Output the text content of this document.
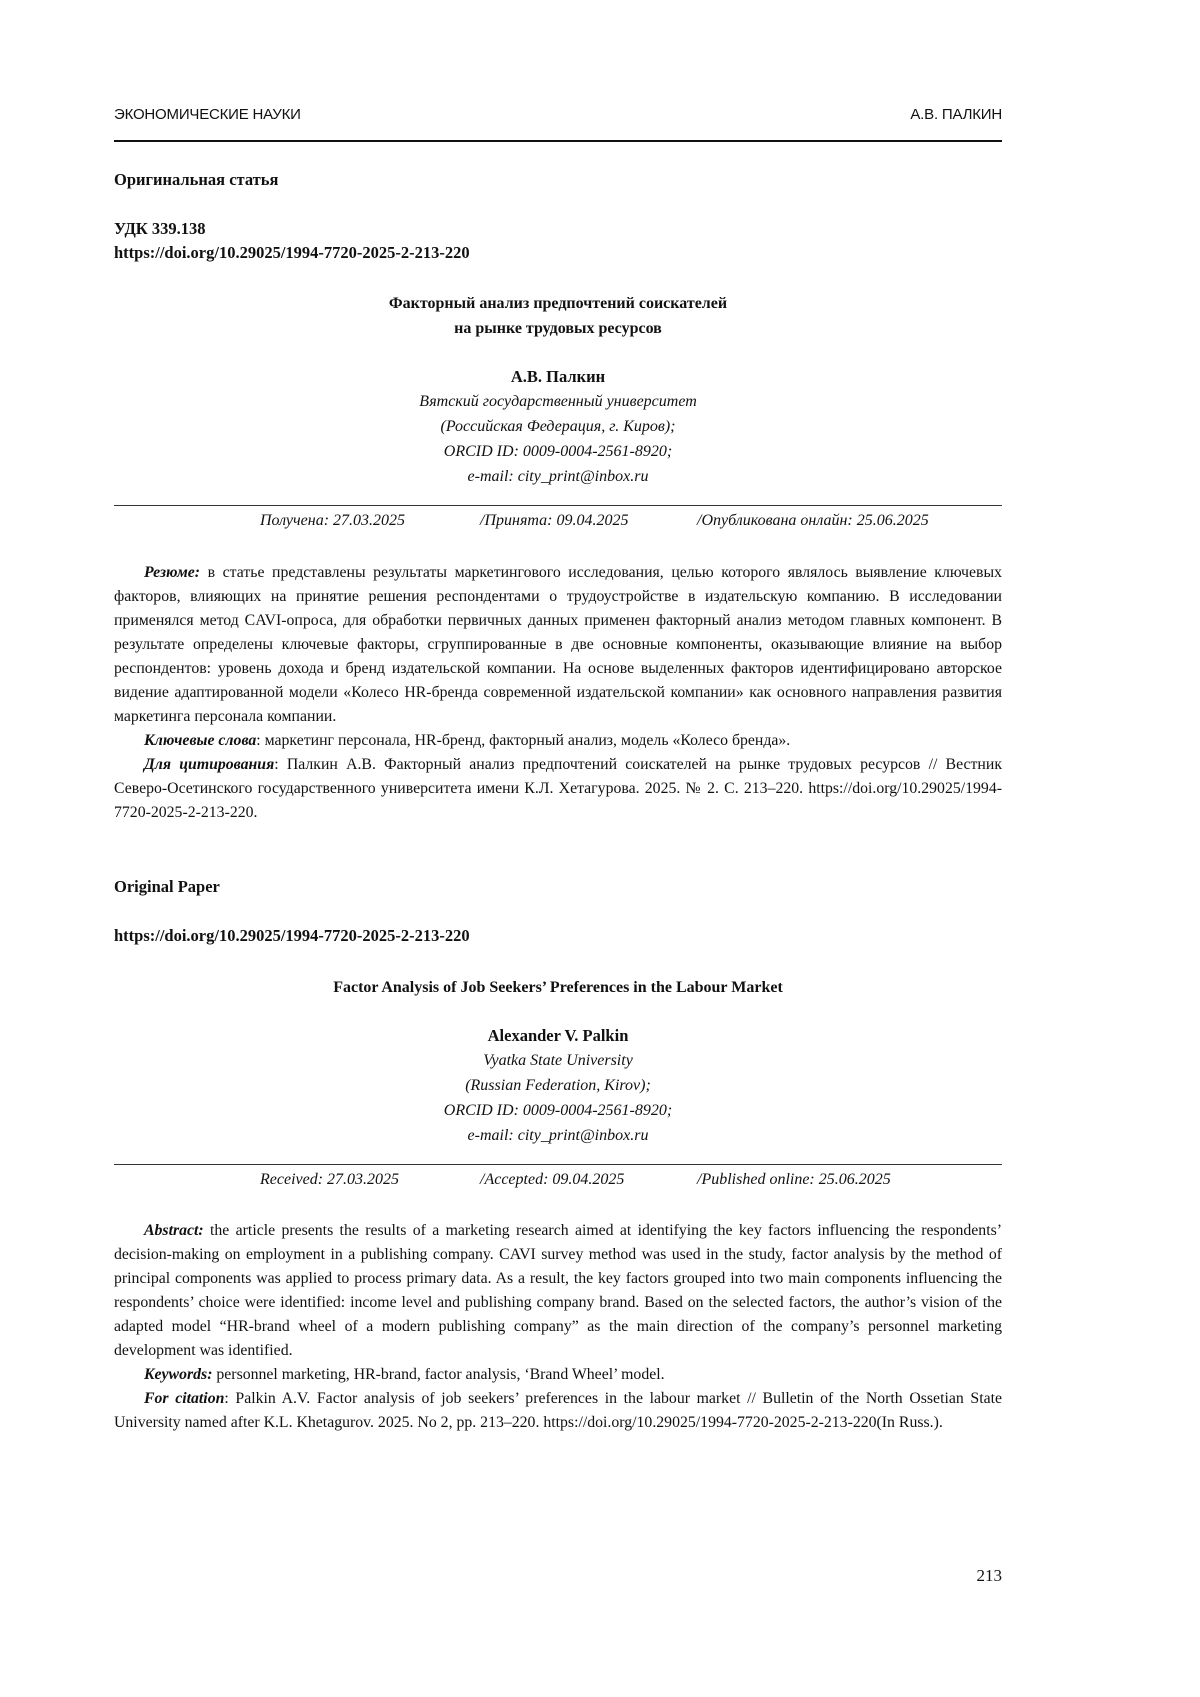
ЭКОНОМИЧЕСКИЕ НАУКИ	А.В. ПАЛКИН
Оригинальная статья
УДК 339.138
https://doi.org/10.29025/1994-7720-2025-2-213-220
Факторный анализ предпочтений соискателей
на рынке трудовых ресурсов
А.В. Палкин
Вятский государственный университет
(Российская Федерация, г. Киров);
ORCID ID: 0009-0004-2561-8920;
e-mail: city_print@inbox.ru
Получена: 27.03.2025	/Принята: 09.04.2025	/Опубликована онлайн: 25.06.2025

Резюме: в статье представлены результаты маркетингового исследования, целью которого являлось выявление ключевых факторов, влияющих на принятие решения респондентами о трудоустройстве в издательскую компанию. В исследовании применялся метод CAVI-опроса, для обработки первичных данных применен факторный анализ методом главных компонент. В результате определены ключевые факторы, сгруппированные в две основные компоненты, оказывающие влияние на выбор респондентов: уровень дохода и бренд издательской компании. На основе выделенных факторов идентифицировано авторское видение адаптированной модели «Колесо HR-бренда современной издательской компании» как основного направления развития маркетинга персонала компании.

Ключевые слова: маркетинг персонала, HR-бренд, факторный анализ, модель «Колесо бренда».

Для цитирования: Палкин А.В. Факторный анализ предпочтений соискателей на рынке трудовых ресурсов // Вестник Северо-Осетинского государственного университета имени К.Л. Хетагурова. 2025. № 2. С. 213–220. https://doi.org/10.29025/1994-7720-2025-2-213-220.

Original Paper
https://doi.org/10.29025/1994-7720-2025-2-213-220
Factor Analysis of Job Seekers’ Preferences in the Labour Market
Alexander V. Palkin
Vyatka State University
(Russian Federation, Kirov);
ORCID ID: 0009-0004-2561-8920;
e-mail: city_print@inbox.ru
Received: 27.03.2025	/Accepted: 09.04.2025	/Published online: 25.06.2025

Abstract: the article presents the results of a marketing research aimed at identifying the key factors influencing the respondents’ decision-making on employment in a publishing company. CAVI survey method was used in the study, factor analysis by the method of principal components was applied to process primary data. As a result, the key factors grouped into two main components influencing the respondents’ choice were identified: income level and publishing company brand. Based on the selected factors, the author’s vision of the adapted model “HR-brand wheel of a modern publishing company” as the main direction of the company’s personnel marketing development was identified.

Keywords: personnel marketing, HR-brand, factor analysis, ‘Brand Wheel’ model.

For citation: Palkin A.V. Factor analysis of job seekers’ preferences in the labour market // Bulletin of the North Ossetian State University named after K.L. Khetagurov. 2025. No 2, pp. 213–220. https://doi.org/10.29025/1994-7720-2025-2-213-220(In Russ.).

213
